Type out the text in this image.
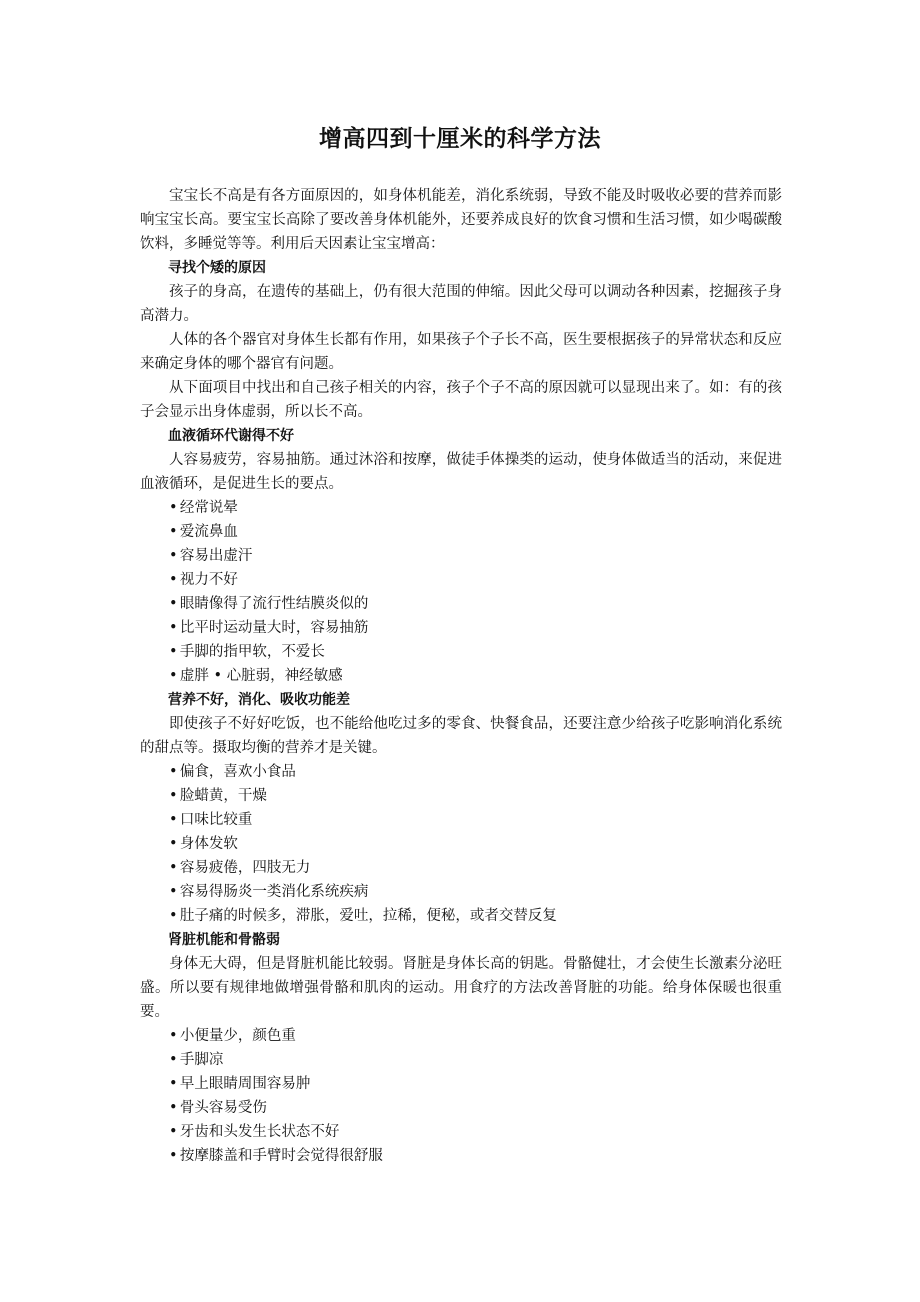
增高四到十厘米的科学方法

宝宝长不高是有各方面原因的，如身体机能差，消化系统弱，导致不能及时吸收必要的营养而影响宝宝长高。要宝宝长高除了要改善身体机能外，还要养成良好的饮食习惯和生活习惯，如少喝碳酸饮料，多睡觉等等。利用后天因素让宝宝增高：

寻找个矮的原因

孩子的身高，在遗传的基础上，仍有很大范围的伸缩。因此父母可以调动各种因素，挖掘孩子身高潜力。

人体的各个器官对身体生长都有作用，如果孩子个子长不高，医生要根据孩子的异常状态和反应来确定身体的哪个器官有问题。

从下面项目中找出和自己孩子相关的内容，孩子个子不高的原因就可以显现出来了。如：有的孩子会显示出身体虚弱，所以长不高。

血液循环代谢得不好

人容易疲劳，容易抽筋。通过沐浴和按摩，做徒手体操类的运动，使身体做适当的活动，来促进血液循环，是促进生长的要点。

• 经常说晕
• 爱流鼻血
• 容易出虚汗
• 视力不好
• 眼睛像得了流行性结膜炎似的
• 比平时运动量大时，容易抽筋
• 手脚的指甲软，不爱长
• 虚胖 • 心脏弱，神经敏感
营养不好，消化、吸收功能差

即使孩子不好好吃饭，也不能给他吃过多的零食、快餐食品，还要注意少给孩子吃影响消化系统的甜点等。摄取均衡的营养才是关键。

• 偏食，喜欢小食品
• 脸蜡黄，干燥
• 口味比较重
• 身体发软
• 容易疲倦，四肢无力
• 容易得肠炎一类消化系统疾病
• 肚子痛的时候多，滞胀，爱吐，拉稀，便秘，或者交替反复
肾脏机能和骨骼弱

身体无大碍，但是肾脏机能比较弱。肾脏是身体长高的钥匙。骨骼健壮，才会使生长激素分泌旺盛。所以要有规律地做增强骨骼和肌肉的运动。用食疗的方法改善肾脏的功能。给身体保暖也很重要。

• 小便量少，颜色重
• 手脚凉
• 早上眼睛周围容易肿
• 骨头容易受伤
• 牙齿和头发生长状态不好
• 按摩膝盖和手臂时会觉得很舒服
